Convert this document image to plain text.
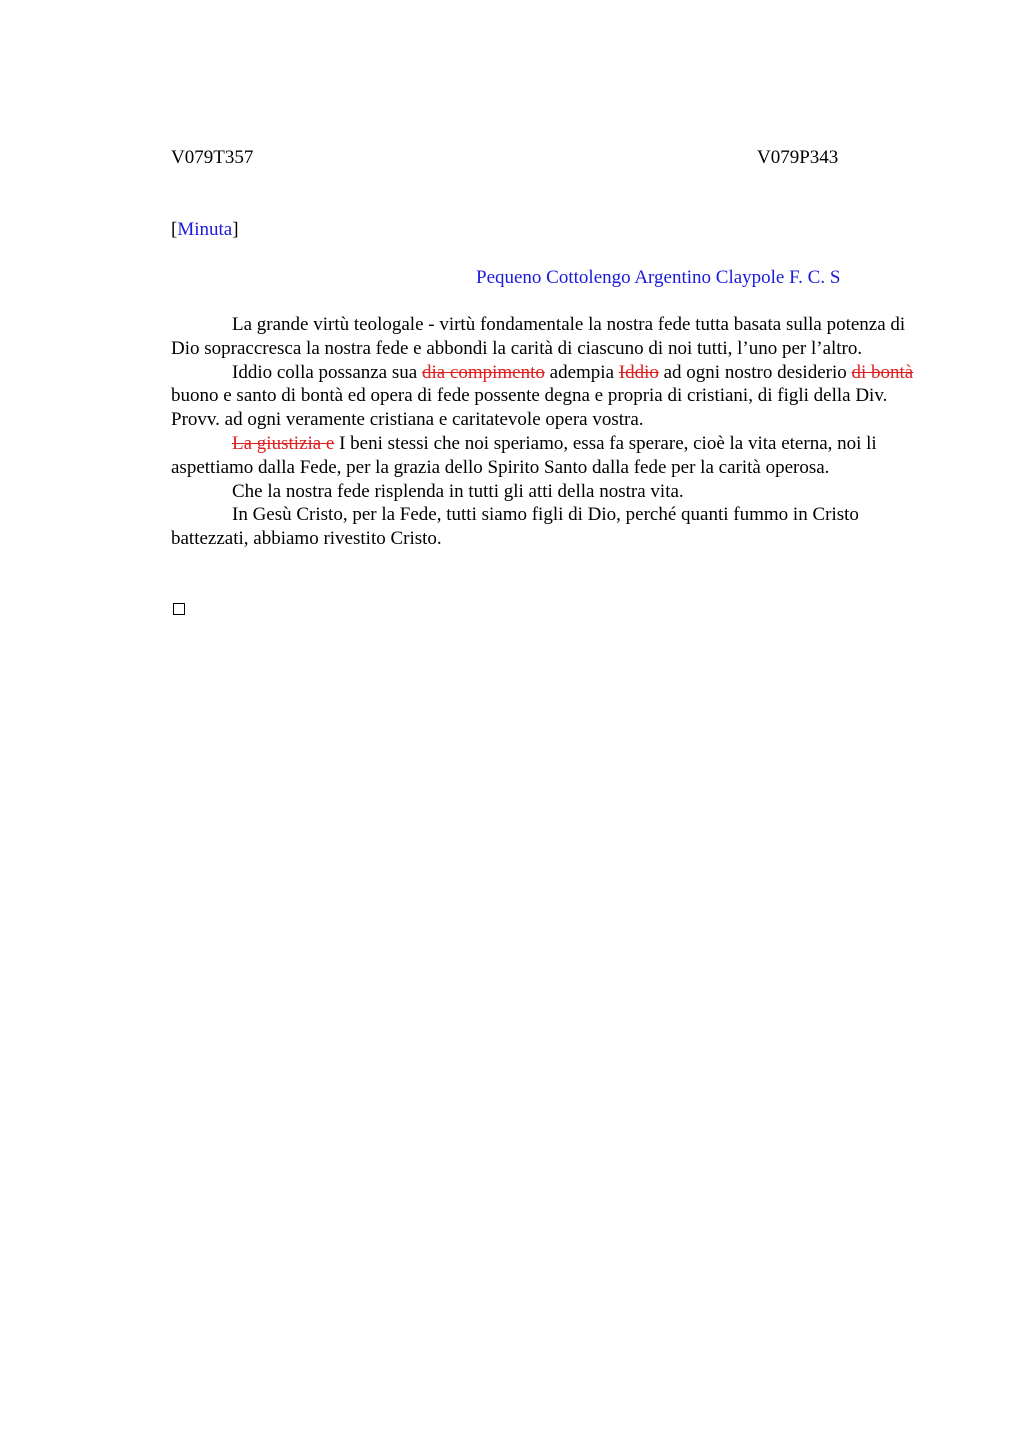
V079T357	V079P343
[Minuta]
Pequeno Cottolengo Argentino Claypole F. C. S

La grande virtù teologale - virtù fondamentale la nostra fede tutta basata sulla potenza di Dio sopraccresca la nostra fede e abbondi la carità di ciascuno di noi tutti, l’uno per l’altro.

Iddio colla possanza sua dia compimento adempia Iddio ad ogni nostro desiderio di bontà buono e santo di bontà ed opera di fede possente degna e propria di cristiani, di figli della Div. Provv. ad ogni veramente cristiana e caritatevole opera vostra.

La giustizia e I beni stessi che noi speriamo, essa fa sperare, cioè la vita eterna, noi li aspettiamo dalla Fede, per la grazia dello Spirito Santo dalla fede per la carità operosa.

Che la nostra fede risplenda in tutti gli atti della nostra vita.

In Gesù Cristo, per la Fede, tutti siamo figli di Dio, perché quanti fummo in Cristo battezzati, abbiamo rivestito Cristo.
